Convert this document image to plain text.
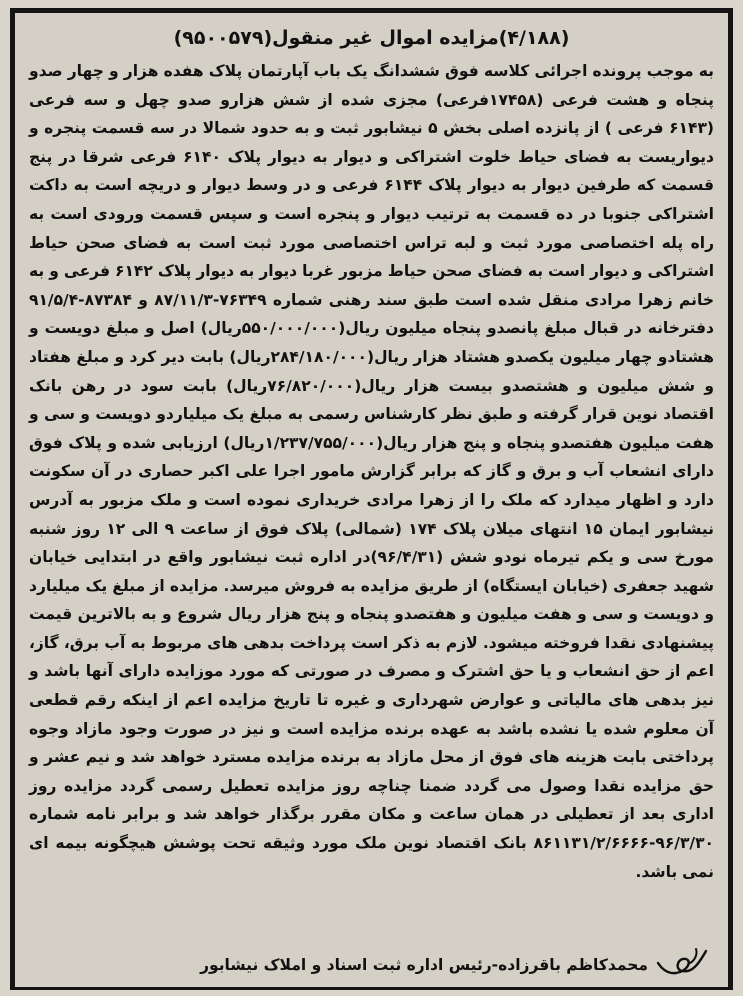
(۴/۱۸۸)مزایده اموال غیر منقول(۹۵۰۰۵۷۹)
به موجب پرونده اجرائی کلاسه فوق ششدانگ یک باب آپارتمان پلاک هفده هزار و چهار صدو پنجاه و هشت فرعی (۱۷۴۵۸فرعی) مجزی شده از شش هزارو صدو چهل و سه فرعی (۶۱۴۳ فرعی ) از پانزده اصلی بخش ۵ نیشابور ثبت و به حدود شمالا در سه قسمت پنجره و دیواریست به فضای حیاط خلوت اشتراکی و دیوار به دیوار پلاک ۶۱۴۰ فرعی شرقا در پنج قسمت که طرفین دیوار به دیوار پلاک ۶۱۴۴ فرعی و در وسط دیوار و دریچه است به داکت اشتراکی جنوبا در ده قسمت به ترتیب دیوار و پنجره است و سپس قسمت ورودی است به راه پله اختصاصی مورد ثبت و لبه تراس اختصاصی مورد ثبت است به فضای صحن حیاط اشتراکی و دیوار است به فضای صحن حیاط مزبور غربا دیوار به دیوار پلاک ۶۱۴۲ فرعی و به خانم زهرا مرادی منقل شده است طبق سند رهنی شماره ۷۶۳۴۹-۸۷/۱۱/۳ و ۸۷۳۸۴-۹۱/۵/۴ دفترخانه در قبال مبلغ پانصدو پنجاه میلیون ریال(۵۵۰/۰۰۰/۰۰۰ریال) اصل و مبلغ دویست و هشتادو چهار میلیون یکصدو هشتاد هزار ریال(۲۸۴/۱۸۰/۰۰۰ریال) بابت دیر کرد و مبلغ هفتاد و شش میلیون و هشتصدو بیست هزار ریال(۷۶/۸۲۰/۰۰۰ریال) بابت سود در رهن بانک اقتصاد نوین قرار گرفته و طبق نظر کارشناس رسمی به مبلغ یک میلیاردو دویست و سی و هفت میلیون هفتصدو پنجاه و پنج هزار ریال(۱/۲۳۷/۷۵۵/۰۰۰ریال) ارزیابی شده و پلاک فوق دارای انشعاب آب و برق و گاز که برابر گزارش مامور اجرا علی اکبر حصاری در آن سکونت دارد و اظهار میدارد که ملک را از زهرا مرادی خریداری نموده است و ملک مزبور به آدرس نیشابور ایمان ۱۵ انتهای میلان پلاک ۱۷۴ (شمالی) پلاک فوق از ساعت ۹ الی ۱۲ روز شنبه مورخ سی و یکم تیرماه نودو شش (۹۶/۴/۳۱)در اداره ثبت نیشابور واقع در ابتدایی خیابان شهید جعفری (خیابان ایستگاه) از طریق مزایده به فروش میرسد. مزایده از مبلغ یک میلیارد و دویست و سی و هفت میلیون و هفتصدو پنجاه و پنج هزار ریال شروع و به بالاترین قیمت پیشنهادی نقدا فروخته میشود. لازم به ذکر است پرداخت بدهی های مربوط به آب برق، گاز، اعم از حق انشعاب و یا حق اشترک و مصرف در صورتی که مورد موزایده دارای آنها باشد و نیز بدهی های مالیاتی و عوارض شهرداری و غیره تا تاریخ مزایده اعم از اینکه رقم قطعی آن معلوم شده یا نشده باشد به عهده برنده مزایده است و نیز در صورت وجود مازاد وجوه پرداختی بابت هزینه های فوق از محل مازاد به برنده مزایده مسترد خواهد شد و نیم عشر و حق مزایده نقدا وصول می گردد ضمنا چناچه روز مزایده تعطیل رسمی گردد مزایده روز اداری بعد از تعطیلی در همان ساعت و مکان مقرر برگذار خواهد شد و برابر نامه شماره ۹۶/۳/۳۰-۸۶۱۱۳۱/۲/۶۶۶۶ بانک اقتصاد نوین ملک مورد وثیقه تحت پوشش هیچگونه بیمه ای نمی باشد.
محمدکاظم باقرزاده-رئیس اداره ثبت اسناد و املاک نیشابور
